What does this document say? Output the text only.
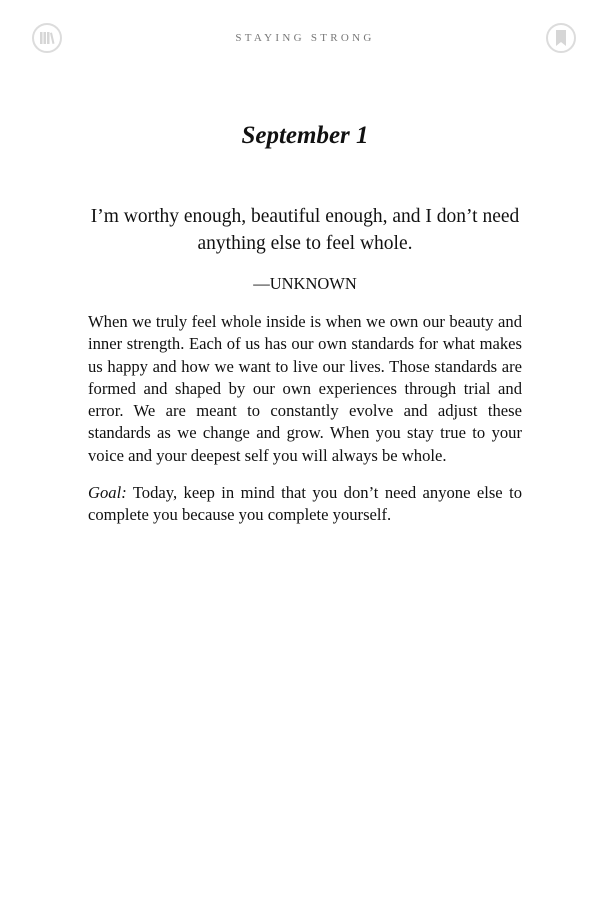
STAYING STRONG
September 1
I’m worthy enough, beautiful enough, and I don’t need anything else to feel whole.
—UNKNOWN

When we truly feel whole inside is when we own our beauty and inner strength. Each of us has our own standards for what makes us happy and how we want to live our lives. Those standards are formed and shaped by our own experiences through trial and error. We are meant to constantly evolve and adjust these standards as we change and grow. When you stay true to your voice and your deepest self you will always be whole.

Goal: Today, keep in mind that you don’t need anyone else to complete you because you complete yourself.
